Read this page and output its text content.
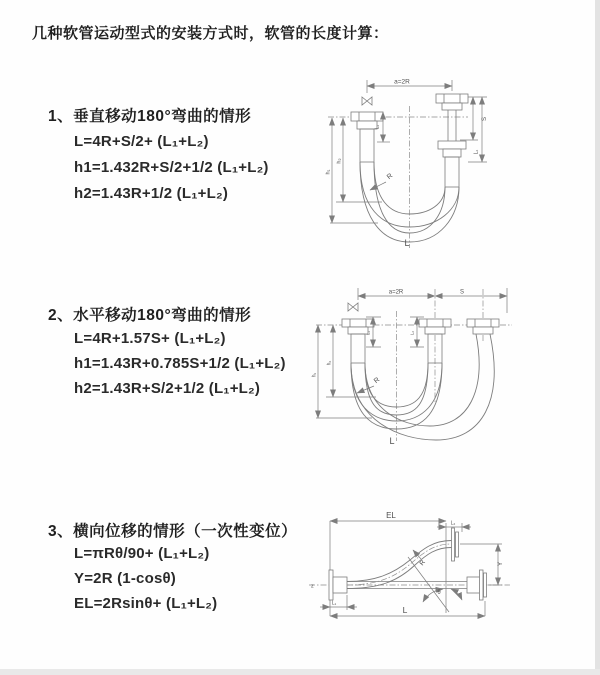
几种软管运动型式的安装方式时，软管的长度计算：
1、垂直移动180°弯曲的情形
L=4R+S/2+ (L₁+L₂)
h1=1.432R+S/2+1/2 (L₁+L₂)
h2=1.43R+1/2 (L₁+L₂)
2、水平移动180°弯曲的情形
L=4R+1.57S+ (L₁+L₂)
h1=1.43R+0.785S+1/2 (L₁+L₂)
h2=1.43R+S/2+1/2 (L₁+L₂)
3、横向位移的情形（一次性变位）
L=πRθ/90+ (L₁+L₂)
Y=2R (1-cosθ)
EL=2Rsinθ+ (L₁+L₂)
a=2R
L₁
S
L₂
h₁
h₂
R
L
a=2R	S
L₁	L₂
h₁
h₂
R
L
z
EL
L₂
Y
R
θ
L
L₁
